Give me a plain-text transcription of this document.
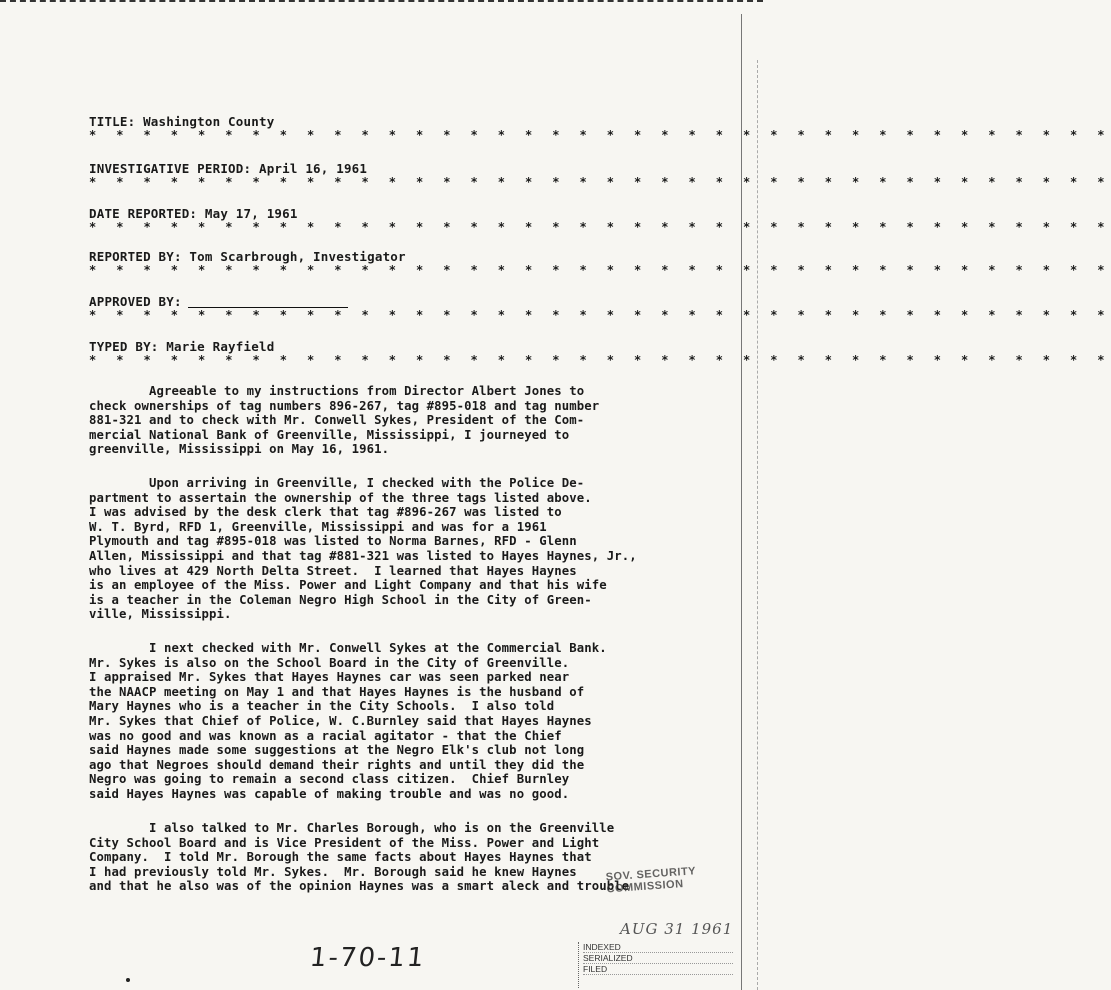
TITLE: Washington County
* * * * * * * * * * * * * * * * * * * * * * * * * * * * * * * * * * * * * *
INVESTIGATIVE PERIOD: April 16, 1961
* * * * * * * * * * * * * * * * * * * * * * * * * * * * * * * * * * * * * *
DATE REPORTED: May 17, 1961
* * * * * * * * * * * * * * * * * * * * * * * * * * * * * * * * * * * * * *
REPORTED BY: Tom Scarbrough, Investigator
* * * * * * * * * * * * * * * * * * * * * * * * * * * * * * * * * * * * * *
APPROVED BY:
* * * * * * * * * * * * * * * * * * * * * * * * * * * * * * * * * * * * * *
TYPED BY: Marie Rayfield
* * * * * * * * * * * * * * * * * * * * * * * * * * * * * * * * * * * * * *
Agreeable to my instructions from Director Albert Jones to
check ownerships of tag numbers 896-267, tag #895-018 and tag number
881-321 and to check with Mr. Conwell Sykes, President of the Com-
mercial National Bank of Greenville, Mississippi, I journeyed to
greenville, Mississippi on May 16, 1961.
Upon arriving in Greenville, I checked with the Police De-
partment to assertain the ownership of the three tags listed above.
I was advised by the desk clerk that tag #896-267 was listed to
W. T. Byrd, RFD 1, Greenville, Mississippi and was for a 1961
Plymouth and tag #895-018 was listed to Norma Barnes, RFD - Glenn
Allen, Mississippi and that tag #881-321 was listed to Hayes Haynes, Jr.,
who lives at 429 North Delta Street.  I learned that Hayes Haynes
is an employee of the Miss. Power and Light Company and that his wife
is a teacher in the Coleman Negro High School in the City of Green-
ville, Mississippi.
I next checked with Mr. Conwell Sykes at the Commercial Bank.
Mr. Sykes is also on the School Board in the City of Greenville.
I appraised Mr. Sykes that Hayes Haynes car was seen parked near
the NAACP meeting on May 1 and that Hayes Haynes is the husband of
Mary Haynes who is a teacher in the City Schools.  I also told
Mr. Sykes that Chief of Police, W. C.Burnley said that Hayes Haynes
was no good and was known as a racial agitator - that the Chief
said Haynes made some suggestions at the Negro Elk's club not long
ago that Negroes should demand their rights and until they did the
Negro was going to remain a second class citizen.  Chief Burnley
said Hayes Haynes was capable of making trouble and was no good.
I also talked to Mr. Charles Borough, who is on the Greenville
City School Board and is Vice President of the Miss. Power and Light
Company.  I told Mr. Borough the same facts about Hayes Haynes that
I had previously told Mr. Sykes.  Mr. Borough said he knew Haynes
and that he also was of the opinion Haynes was a smart aleck and trouble
SOV. SECURITY COMMISSION
AUG 31 1961
1-70-11	INDEXED
SERIALIZED
FILED
